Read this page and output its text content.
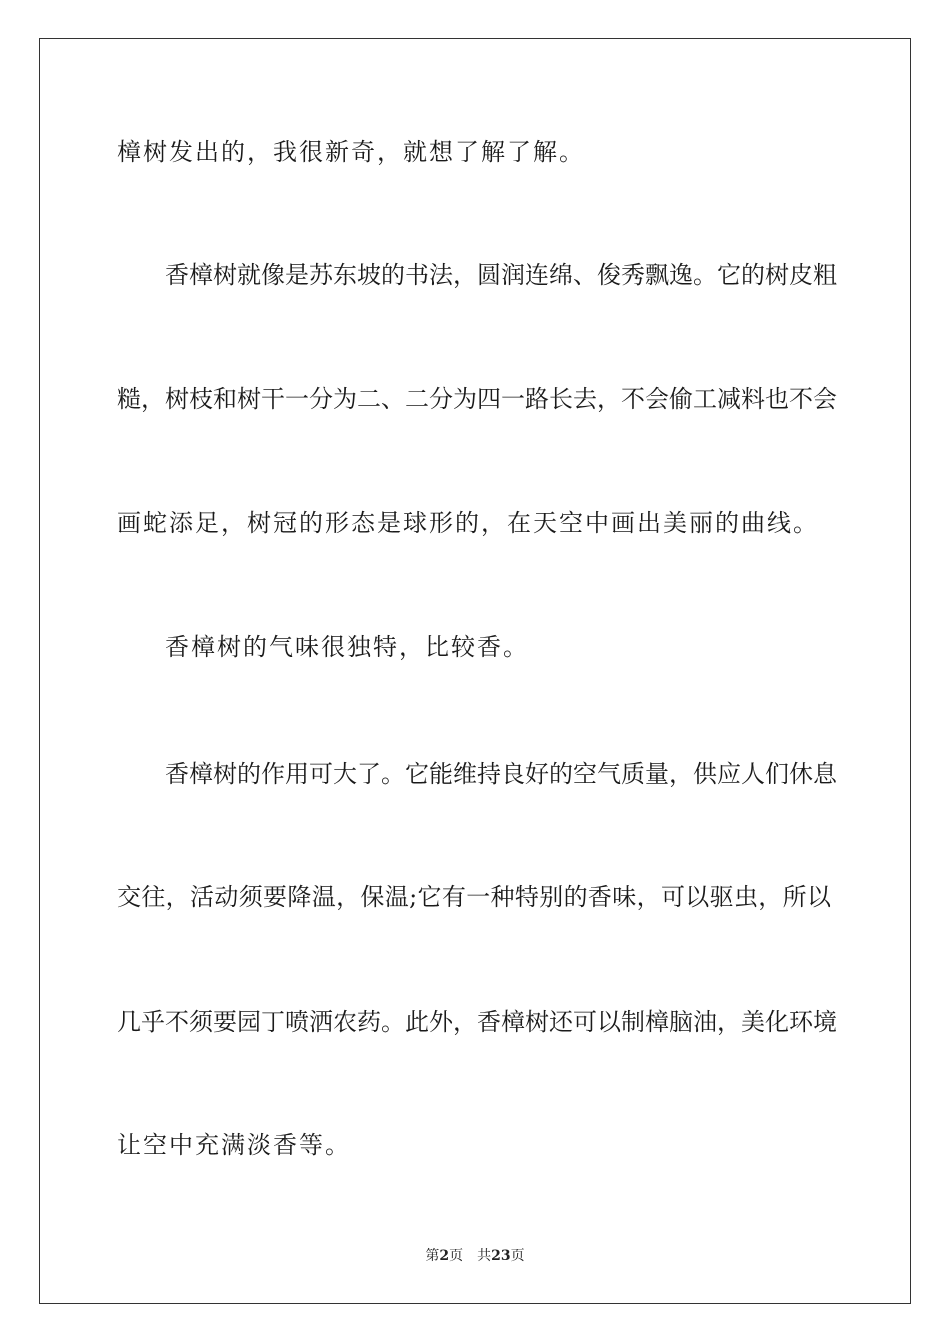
樟树发出的，我很新奇，就想了解了解。
香樟树就像是苏东坡的书法，圆润连绵、俊秀飘逸。它的树皮粗
糙，树枝和树干一分为二、二分为四一路长去，不会偷工减料也不会
画蛇添足，树冠的形态是球形的，在天空中画出美丽的曲线。
香樟树的气味很独特，比较香。
香樟树的作用可大了。它能维持良好的空气质量，供应人们休息
交往，活动须要降温，保温;它有一种特别的香味，可以驱虫，所以
几乎不须要园丁喷洒农药。此外，香樟树还可以制樟脑油，美化环境
让空中充满淡香等。
第2页 共23页
